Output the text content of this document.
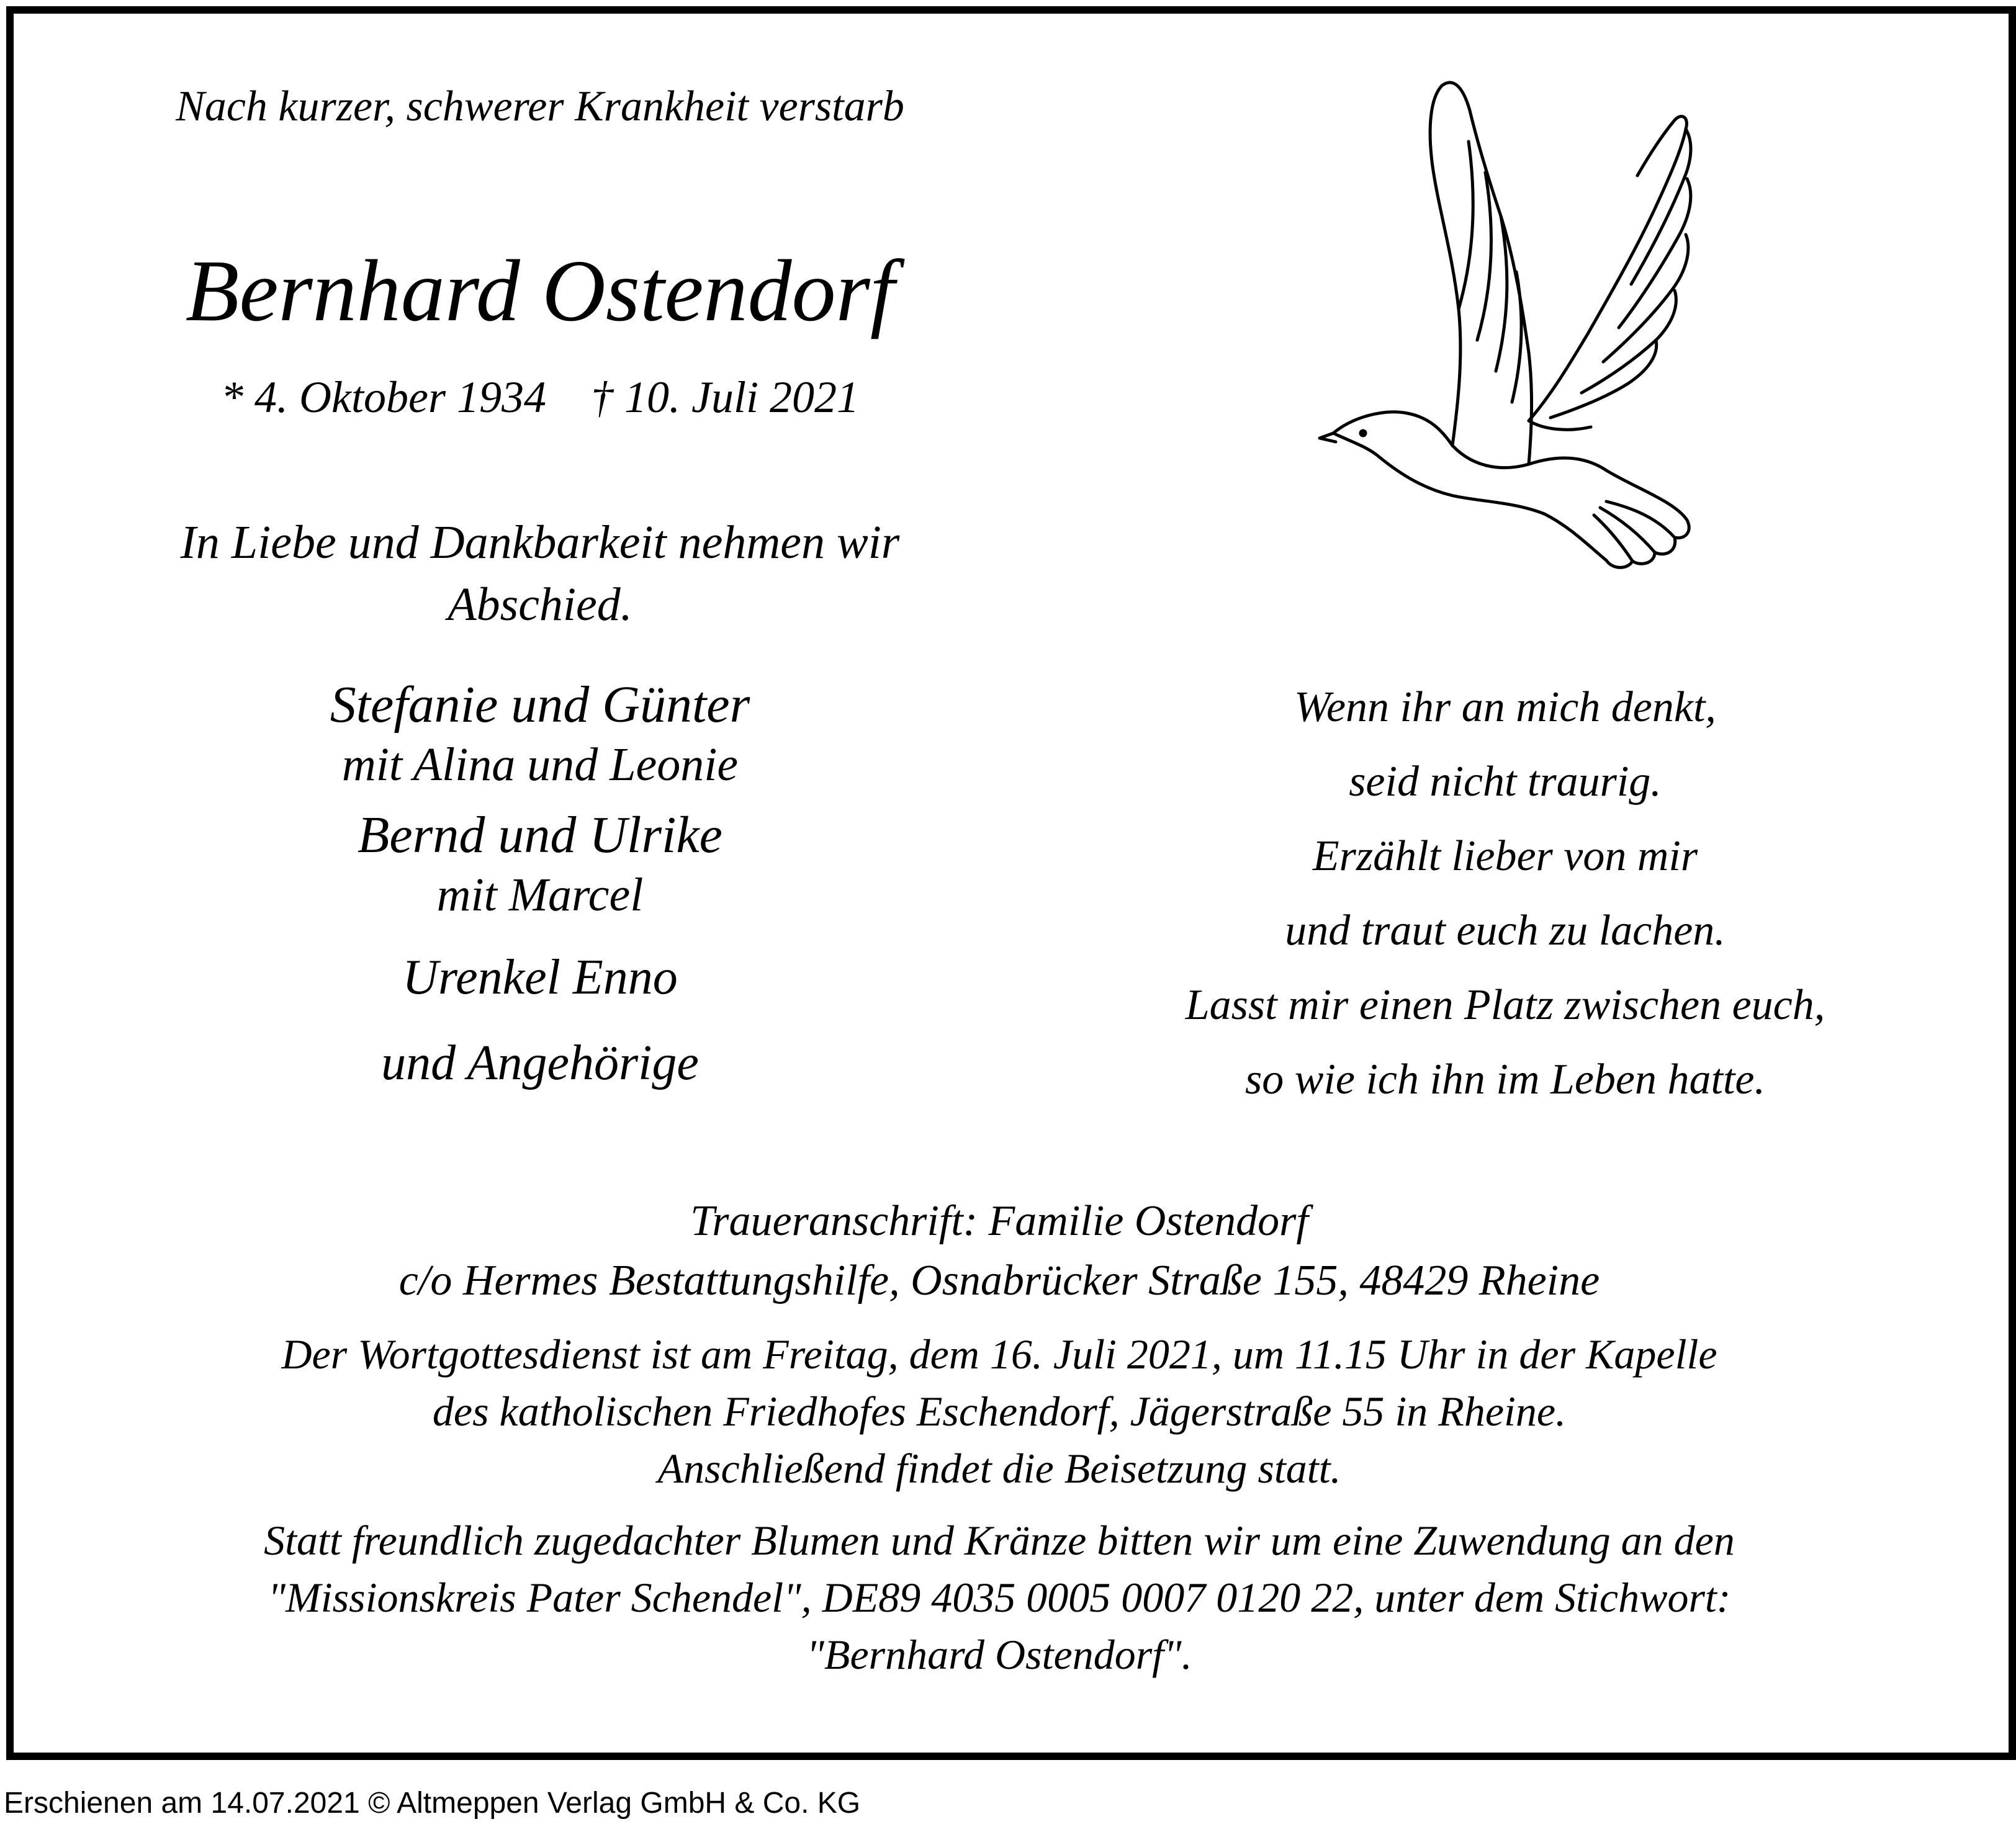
Nach kurzer, schwerer Krankheit verstarb
Bernhard Ostendorf
* 4. Oktober 1934    † 10. Juli 2021
In Liebe und Dankbarkeit nehmen wir
Abschied.
Stefanie und Günter
mit Alina und Leonie
Bernd und Ulrike
mit Marcel
Urenkel Enno
und Angehörige
Wenn ihr an mich denkt,
seid nicht traurig.
Erzählt lieber von mir
und traut euch zu lachen.
Lasst mir einen Platz zwischen euch,
so wie ich ihn im Leben hatte.
Traueranschrift: Familie Ostendorf
c/o Hermes Bestattungshilfe, Osnabrücker Straße 155, 48429 Rheine
Der Wortgottesdienst ist am Freitag, dem 16. Juli 2021, um 11.15 Uhr in der Kapelle
des katholischen Friedhofes Eschendorf, Jägerstraße 55 in Rheine.
Anschließend findet die Beisetzung statt.
Statt freundlich zugedachter Blumen und Kränze bitten wir um eine Zuwendung an den
"Missionskreis Pater Schendel", DE89 4035 0005 0007 0120 22, unter dem Stichwort:
"Bernhard Ostendorf".
Erschienen am 14.07.2021 © Altmeppen Verlag GmbH & Co. KG
